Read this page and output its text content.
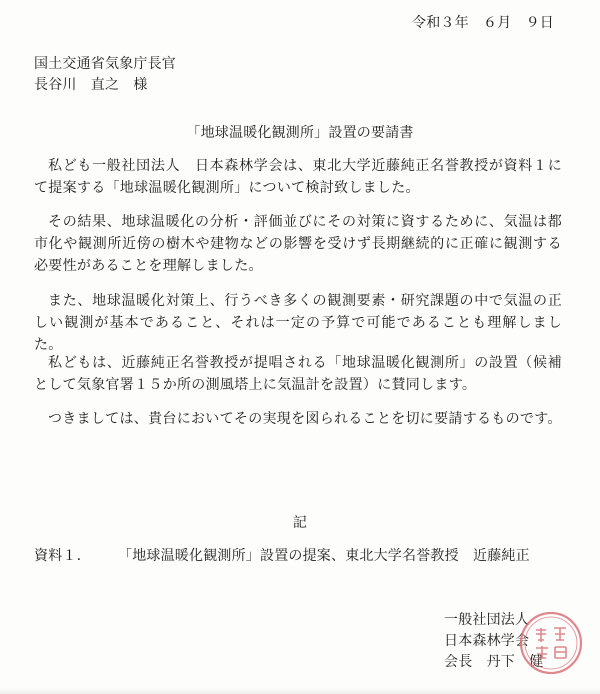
令和３年　６月　９日
国土交通省気象庁長官
長谷川　直之　様
「地球温暖化観測所」設置の要請書
私ども一般社団法人　日本森林学会は、東北大学近藤純正名誉教授が資料１にて提案する「地球温暖化観測所」について検討致しました。
その結果、地球温暖化の分析・評価並びにその対策に資するために、気温は都市化や観測所近傍の樹木や建物などの影響を受けず長期継続的に正確に観測する必要性があることを理解しました。
また、地球温暖化対策上、行うべき多くの観測要素・研究課題の中で気温の正しい観測が基本であること、それは一定の予算で可能であることも理解しました。
私どもは、近藤純正名誉教授が提唱される「地球温暖化観測所」の設置（候補として気象官署１５か所の測風塔上に気温計を設置）に賛同します。
つきましては、貴台においてその実現を図られることを切に要請するものです。
記
資料１.	「地球温暖化観測所」設置の提案、東北大学名誉教授　近藤純正
一般社団法人
日本森林学会
会長　丹下　健
